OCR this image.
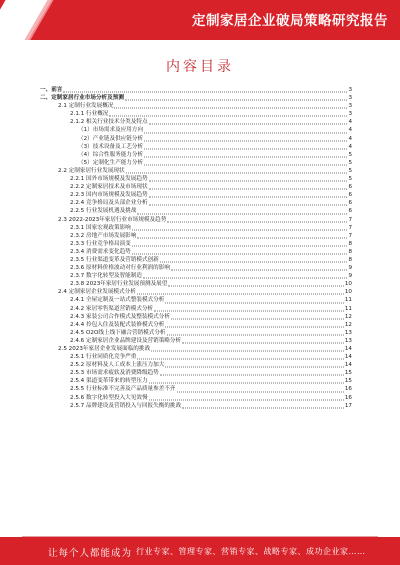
定制家居企业破局策略研究报告
内容目录
一、前言	3
二、定制家居行业市场分析及预测	3
2.1 定制行业发展概况	3
2.1.1 行业概况	3
2.1.2 相关行业技术分类及特点	4
（1）市场需求及应用方向	4
（2）产业链及供应链分析	4
（3）技术设备及工艺分析	4
（4）综合性服务能力分析	5
（5）定制化生产能力分析	5
2.2 定制家居行业发展现状	5
2.2.1 国外市场规模及发展趋势	5
2.2.2 定制家居技术及市场现状	6
2.2.3 国内市场规模及发展趋势	6
2.2.4 竞争格局及头部企业分析	6
2.2.5 行业发展机遇及挑战	6
2.3 2022-2023年家居行业市场规模及趋势	7
2.3.1 国家宏观政策影响	7
2.3.2 房地产市场发展影响	7
2.3.3 行业竞争格局演变	8
2.3.4 消费需求变化趋势	8
2.3.5 行业渠道变革及营销模式创新	8
2.3.6 原材料价格波动对行业利润的影响	9
2.3.7 数字化转型及智能制造	9
2.3.8 2023年家居行业发展预测及展望	10
2.4 定制家居企业发展模式分析	10
2.4.1 全屋定制及一站式整装模式分析	11
2.4.2 家居零售渠道营销模式分析	11
2.4.3 家装公司合作模式及整装模式分析	12
2.4.4 拎包入住及装配式装修模式分析	12
2.4.5 O2O线上线下融合营销模式分析	13
2.4.6 定制家居企业品牌建设及营销策略分析	13
2.5 2023年家居企业发展面临的挑战	14
2.5.1 行业同质化竞争严重	14
2.5.2 原材料及人工成本上涨压力加大	14
2.5.3 市场需求疲软及消费降级趋势	15
2.5.4 渠道变革带来的转型压力	15
2.5.5 行业标准不完善及产品质量参差不齐	16
2.5.6 数字化转型投入大见效慢	16
2.5.7 品牌建设及营销投入与回报失衡的挑战	17
让每个人都能成为 行业专家、管理专家、营销专家、战略专家、成功企业家……
